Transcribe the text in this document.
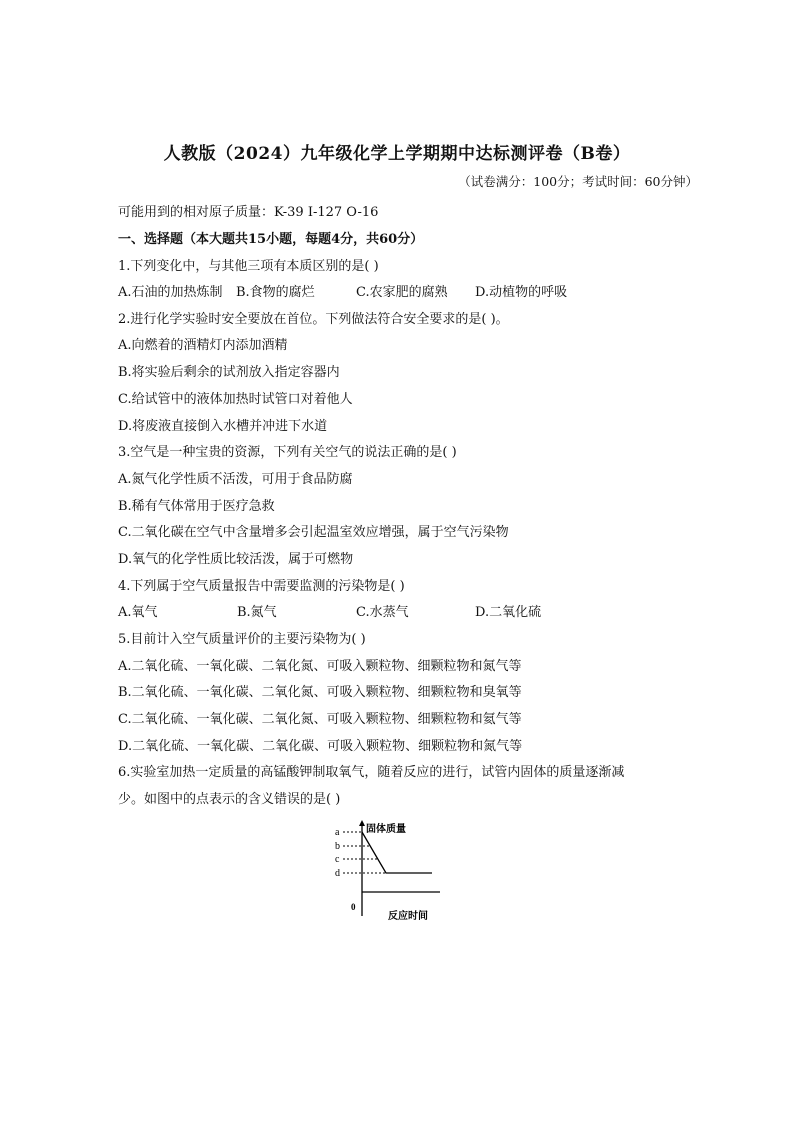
人教版（2024）九年级化学上学期期中达标测评卷（B卷）
（试卷满分：100分；考试时间：60分钟）
可能用到的相对原子质量：K-39 I-127 O-16
一、选择题（本大题共15小题，每题4分，共60分）
1.下列变化中，与其他三项有本质区别的是( )
A.石油的加热炼制 B.食物的腐烂	C.农家肥的腐熟 D.动植物的呼吸
2.进行化学实验时安全要放在首位。下列做法符合安全要求的是( )。
A.向燃着的酒精灯内添加酒精
B.将实验后剩余的试剂放入指定容器内
C.给试管中的液体加热时试管口对着他人
D.将废液直接倒入水槽并冲进下水道
3.空气是一种宝贵的资源，下列有关空气的说法正确的是( )
A.氮气化学性质不活泼，可用于食品防腐
B.稀有气体常用于医疗急救
C.二氧化碳在空气中含量增多会引起温室效应增强，属于空气污染物
D.氧气的化学性质比较活泼，属于可燃物
4.下列属于空气质量报告中需要监测的污染物是( )
A.氧气	B.氮气	C.水蒸气	D.二氧化硫
5.目前计入空气质量评价的主要污染物为( )
A.二氧化硫、一氧化碳、二氧化氮、可吸入颗粒物、细颗粒物和氮气等
B.二氧化硫、一氧化碳、二氧化氮、可吸入颗粒物、细颗粒物和臭氧等
C.二氧化硫、一氧化碳、二氧化氮、可吸入颗粒物、细颗粒物和氦气等
D.二氧化硫、一氧化碳、二氧化碳、可吸入颗粒物、细颗粒物和氮气等
6.实验室加热一定质量的高锰酸钾制取氧气，随着反应的进行，试管内固体的质量逐渐减
少。如图中的点表示的含义错误的是( )
a
b
c
d
固体质量
0
反应时间
